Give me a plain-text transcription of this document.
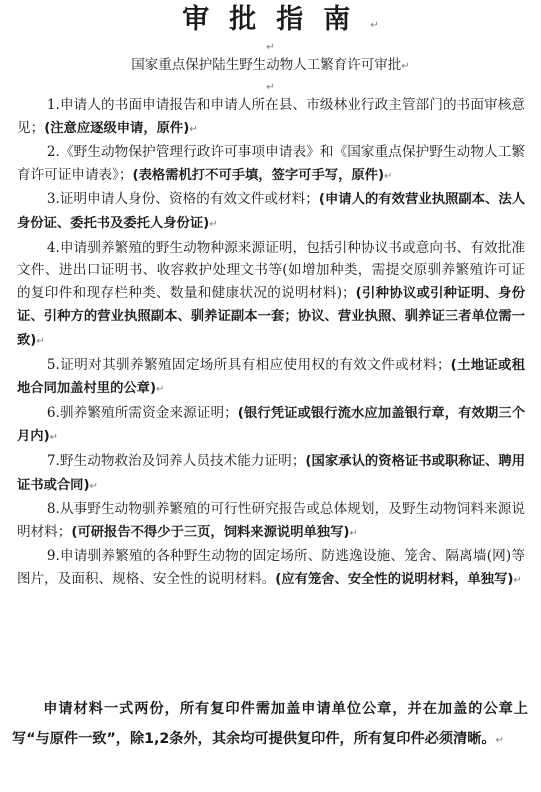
审批指南↵
↵
国家重点保护陆生野生动物人工繁育许可审批↵
↵

1.申请人的书面申请报告和申请人所在县、市级林业行政主管部门的书面审核意见；(注意应逐级申请，原件)↵

2.《野生动物保护管理行政许可事项申请表》和《国家重点保护野生动物人工繁育许可证申请表》；(表格需机打不可手填，签字可手写，原件)↵

3.证明申请人身份、资格的有效文件或材料；(申请人的有效营业执照副本、法人身份证、委托书及委托人身份证)↵

4.申请驯养繁殖的野生动物种源来源证明，包括引种协议书或意向书、有效批准文件、进出口证明书、收容救护处理文书等(如增加种类，需提交原驯养繁殖许可证的复印件和现存栏种类、数量和健康状况的说明材料)；(引种协议或引种证明、身份证、引种方的营业执照副本、驯养证副本一套；协议、营业执照、驯养证三者单位需一致)↵

5.证明对其驯养繁殖固定场所具有相应使用权的有效文件或材料；(土地证或租地合同加盖村里的公章)↵

6.驯养繁殖所需资金来源证明；(银行凭证或银行流水应加盖银行章，有效期三个月内)↵

7.野生动物救治及饲养人员技术能力证明；(国家承认的资格证书或职称证、聘用证书或合同)↵

8.从事野生动物驯养繁殖的可行性研究报告或总体规划，及野生动物饲料来源说明材料；(可研报告不得少于三页，饲料来源说明单独写)↵

9.申请驯养繁殖的各种野生动物的固定场所、防逃逸设施、笼舍、隔离墙(网)等图片，及面积、规格、安全性的说明材料。(应有笼舍、安全性的说明材料，单独写)↵

申请材料一式两份，所有复印件需加盖申请单位公章，并在加盖的公章上写“与原件一致”，除1,2条外，其余均可提供复印件，所有复印件必须清晰。↵
